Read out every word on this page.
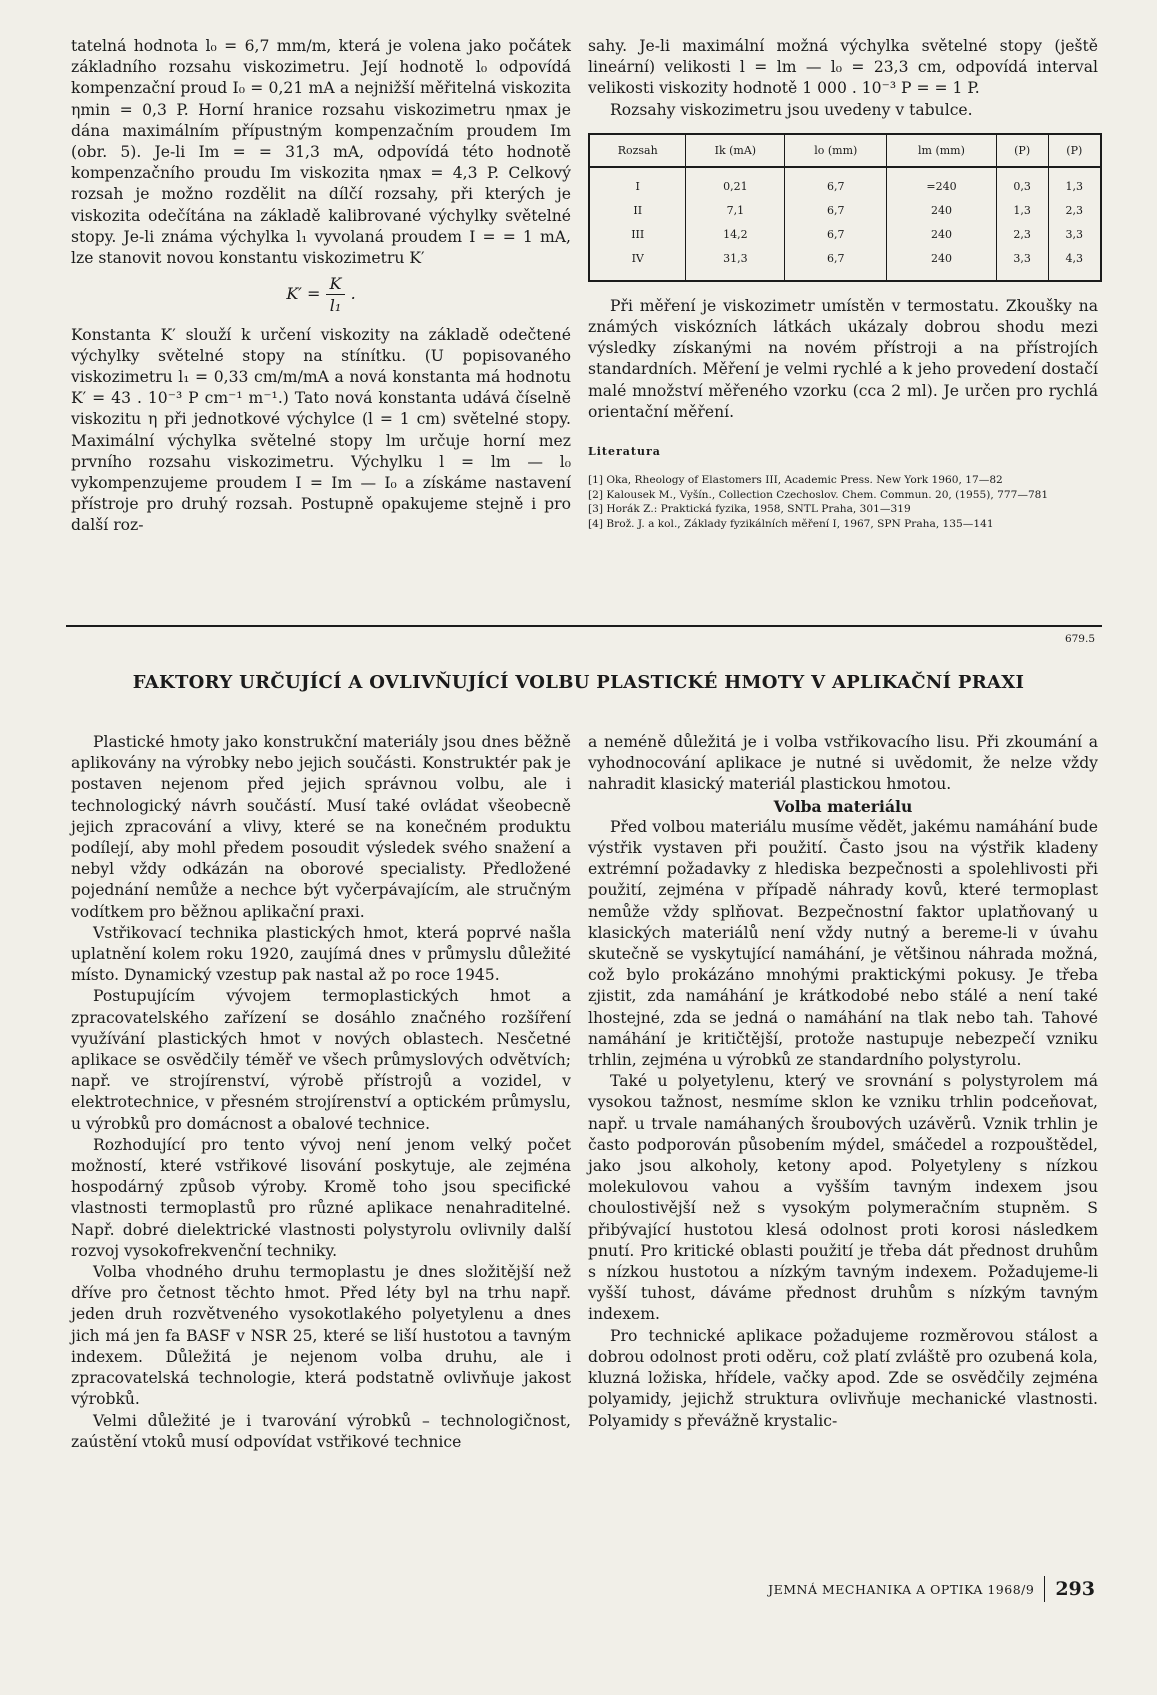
tatelná hodnota l₀ = 6,7 mm/m, která je volena jako počátek základního rozsahu viskozimetru. Její hodnotě l₀ odpovídá kompenzační proud I₀ = 0,21 mA a nejnižší měřitelná viskozita ηmin = 0,3 P. Horní hranice rozsahu viskozimetru ηmax je dána maximálním přípustným kompenzačním proudem Im (obr. 5). Je-li Im = = 31,3 mA, odpovídá této hodnotě kompenzačního proudu Im viskozita ηmax = 4,3 P. Celkový rozsah je možno rozdělit na dílčí rozsahy, při kterých je viskozita odečítána na základě kalibrované výchylky světelné stopy. Je-li známa výchylka l₁ vyvolaná proudem I = = 1 mA, lze stanovit novou konstantu viskozimetru K′

$K' = \frac{K}{\text{l₁}}$ .

Konstanta K′ slouží k určení viskozity na základě odečtené výchylky světelné stopy na stínítku. (U popisovaného viskozimetru l₁ = 0,33 cm/m/mA a nová konstanta má hodnotu K′ = 43 . 10⁻³ P cm⁻¹ m⁻¹.) Tato nová konstanta udává číselně viskozitu η při jednotkové výchylce (l = 1 cm) světelné stopy. Maximální výchylka světelné stopy lm určuje horní mez prvního rozsahu viskozimetru. Výchylku l = lm — l₀ vykompenzujeme proudem I = Im — I₀ a získáme nastavení přístroje pro druhý rozsah. Postupně opakujeme stejně i pro další roz-

sahy. Je-li maximální možná výchylka světelné stopy (ještě lineární) velikosti l = lm — l₀ = 23,3 cm, odpovídá interval velikosti viskozity hodnotě 1 000 . 10⁻³ P = = 1 P.

Rozsahy viskozimetru jsou uvedeny v tabulce.

Rozsah	Ik (mA)	lo (mm)	lm (mm)	(P)	(P)
I	0,21	6,7	=240	0,3	1,3
II	7,1	6,7	240	1,3	2,3
III	14,2	6,7	240	2,3	3,3
IV	31,3	6,7	240	3,3	4,3

Při měření je viskozimetr umístěn v termostatu. Zkoušky na známých viskózních látkách ukázaly dobrou shodu mezi výsledky získanými na novém přístroji a na přístrojích standardních. Měření je velmi rychlé a k jeho provedení dostačí malé množství měřeného vzorku (cca 2 ml). Je určen pro rychlá orientační měření.

Literatura
[1] Oka, Rheology of Elastomers III, Academic Press. New York 1960, 17—82
[2] Kalousek M., Vyšín., Collection Czechoslov. Chem. Commun. 20, (1955), 777—781
[3] Horák Z.: Praktická fyzika, 1958, SNTL Praha, 301—319
[4] Brož. J. a kol., Základy fyzikálních měření I, 1967, SPN Praha, 135—141
679.5
FAKTORY URČUJÍCÍ A OVLIVŇUJÍCÍ VOLBU PLASTICKÉ HMOTY V APLIKAČNÍ PRAXI

Plastické hmoty jako konstrukční materiály jsou dnes běžně aplikovány na výrobky nebo jejich součásti. Konstruktér pak je postaven nejenom před jejich správnou volbu, ale i technologický návrh součástí. Musí také ovládat všeobecně jejich zpracování a vlivy, které se na konečném produktu podílejí, aby mohl předem posoudit výsledek svého snažení a nebyl vždy odkázán na oborové specialisty. Předložené pojednání nemůže a nechce být vyčerpávajícím, ale stručným vodítkem pro běžnou aplikační praxi.

Vstřikovací technika plastických hmot, která poprvé našla uplatnění kolem roku 1920, zaujímá dnes v průmyslu důležité místo. Dynamický vzestup pak nastal až po roce 1945.

Postupujícím vývojem termoplastických hmot a zpracovatelského zařízení se dosáhlo značného rozšíření využívání plastických hmot v nových oblastech. Nesčetné aplikace se osvědčily téměř ve všech průmyslových odvětvích; např. ve strojírenství, výrobě přístrojů a vozidel, v elektrotechnice, v přesném strojírenství a optickém průmyslu, u výrobků pro domácnost a obalové technice.

Rozhodující pro tento vývoj není jenom velký počet možností, které vstřikové lisování poskytuje, ale zejména hospodárný způsob výroby. Kromě toho jsou specifické vlastnosti termoplastů pro různé aplikace nenahraditelné. Např. dobré dielektrické vlastnosti polystyrolu ovlivnily další rozvoj vysokofrekvenční techniky.

Volba vhodného druhu termoplastu je dnes složitější než dříve pro četnost těchto hmot. Před léty byl na trhu např. jeden druh rozvětveného vysokotlakého polyetylenu a dnes jich má jen fa BASF v NSR 25, které se liší hustotou a tavným indexem. Důležitá je nejenom volba druhu, ale i zpracovatelská technologie, která podstatně ovlivňuje jakost výrobků.

Velmi důležité je i tvarování výrobků – technologičnost, zaústění vtoků musí odpovídat vstřikové technice

a neméně důležitá je i volba vstřikovacího lisu. Při zkoumání a vyhodnocování aplikace je nutné si uvědomit, že nelze vždy nahradit klasický materiál plastickou hmotou.

Volba materiálu

Před volbou materiálu musíme vědět, jakému namáhání bude výstřik vystaven při použití. Často jsou na výstřik kladeny extrémní požadavky z hlediska bezpečnosti a spolehlivosti při použití, zejména v případě náhrady kovů, které termoplast nemůže vždy splňovat. Bezpečnostní faktor uplatňovaný u klasických materiálů není vždy nutný a bereme-li v úvahu skutečně se vyskytující namáhání, je většinou náhrada možná, což bylo prokázáno mnohými praktickými pokusy. Je třeba zjistit, zda namáhání je krátkodobé nebo stálé a není také lhostejné, zda se jedná o namáhání na tlak nebo tah. Tahové namáhání je kritičtější, protože nastupuje nebezpečí vzniku trhlin, zejména u výrobků ze standardního polystyrolu.

Také u polyetylenu, který ve srovnání s polystyrolem má vysokou tažnost, nesmíme sklon ke vzniku trhlin podceňovat, např. u trvale namáhaných šroubových uzávěrů. Vznik trhlin je často podporován působením mýdel, smáčedel a rozpouštědel, jako jsou alkoholy, ketony apod. Polyetyleny s nízkou molekulovou vahou a vyšším tavným indexem jsou choulostivější než s vysokým polymeračním stupněm. S přibývající hustotou klesá odolnost proti korosi následkem pnutí. Pro kritické oblasti použití je třeba dát přednost druhům s nízkou hustotou a nízkým tavným indexem. Požadujeme-li vyšší tuhost, dáváme přednost druhům s nízkým tavným indexem.

Pro technické aplikace požadujeme rozměrovou stálost a dobrou odolnost proti oděru, což platí zvláště pro ozubená kola, kluzná ložiska, hřídele, vačky apod. Zde se osvědčily zejména polyamidy, jejichž struktura ovlivňuje mechanické vlastnosti. Polyamidy s převážně krystalic-

JEMNÁ MECHANIKA A OPTIKA 1968/9 293
